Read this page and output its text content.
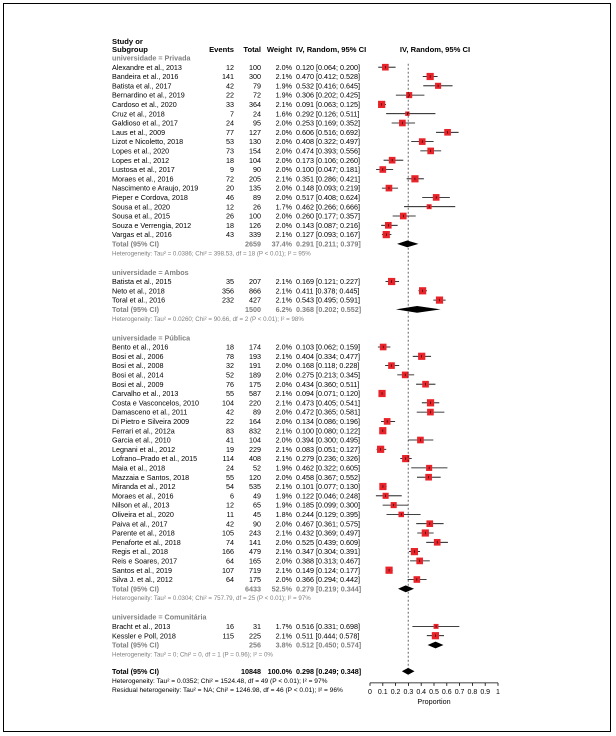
Study or
Subgroup	Events Total Weight IV, Random, 95% CI	IV, Random, 95% CI
universidade = Privada
Alexandre et al., 2013	12 100 2.0% 0.120 [0.064; 0.200]
Bandeira et al., 2016	141 300 2.1% 0.470 [0.412; 0.528]
Batista et al., 2017	42	79 1.9% 0.532 [0.416; 0.645]
Bernardino et al., 2019	22	72 1.9% 0.306 [0.202; 0.425]
Cardoso et al., 2020	33 364 2.1% 0.091 [0.063; 0.125]
Cruz et al., 2018	7	24 1.6% 0.292 [0.126; 0.511]
Galdioso et al., 2017	24	95 2.0% 0.253 [0.169; 0.352]
Laus et al., 2009	77 127 2.0% 0.606 [0.516; 0.692]
Lizot e Nicoletto, 2018	53 130 2.0% 0.408 [0.322; 0.497]
Lopes et al., 2020	73 154 2.0% 0.474 [0.393; 0.556]
Lopes et al., 2012	18 104 2.0% 0.173 [0.106; 0.260]
Lustosa et al., 2017	9	90 2.0% 0.100 [0.047; 0.181]
Moraes et al., 2016	72 205 2.1% 0.351 [0.286; 0.421]
Nascimento e Araujo, 2019	20 135 2.0% 0.148 [0.093; 0.219]
Pieper e Cordova, 2018	46	89 2.0% 0.517 [0.408; 0.624]
Sousa et al., 2020	12	26 1.7% 0.462 [0.266; 0.666]
Sousa et al., 2015	26 100 2.0% 0.260 [0.177; 0.357]
Souza e Verrengia, 2012	18 126 2.0% 0.143 [0.087; 0.216]
Vargas et al., 2016	43 339 2.1% 0.127 [0.093; 0.167]
Total (95% CI)	2659 37.4% 0.291 [0.211; 0.379]
Heterogeneity: Tau² = 0.0386; Chi² = 398.53, df = 18 (P < 0.01); I² = 95%
universidade = Ambos
Batista et al., 2015	35 207 2.1% 0.169 [0.121; 0.227]
Neto et al., 2018	356 866 2.1% 0.411 [0.378; 0.445]
Toral et al., 2016	232 427 2.1% 0.543 [0.495; 0.591]
Total (95% CI)	1500 6.2% 0.368 [0.202; 0.552]
Heterogeneity: Tau² = 0.0260; Chi² = 90.66, df = 2 (P < 0.01); I² = 98%
universidade = Pública
Bento et al., 2016	18 174 2.0% 0.103 [0.062; 0.159]
Bosi et al., 2006	78 193 2.1% 0.404 [0.334; 0.477]
Bosi et al., 2008	32 191 2.0% 0.168 [0.118; 0.228]
Bosi et al., 2014	52 189 2.0% 0.275 [0.213; 0.345]
Bosi et al., 2009	76 175 2.0% 0.434 [0.360; 0.511]
Carvalho et al., 2013	55 587 2.1% 0.094 [0.071; 0.120]
Costa e Vasconcelos, 2010	104 220 2.1% 0.473 [0.405; 0.541]
Damasceno et al., 2011	42	89 2.0% 0.472 [0.365; 0.581]
Di Pietro e Silveira 2009	22 164 2.0% 0.134 [0.086; 0.196]
Ferrari et al., 2012a	83 832 2.1% 0.100 [0.080; 0.122]
Garcia et al., 2010	41 104 2.0% 0.394 [0.300; 0.495]
Legnani et al., 2012	19 229 2.1% 0.083 [0.051; 0.127]
Lofrano–Prado et al., 2015	114 408 2.1% 0.279 [0.236; 0.326]
Maia et al., 2018	24	52 1.9% 0.462 [0.322; 0.605]
Mazzaia e Santos, 2018	55 120 2.0% 0.458 [0.367; 0.552]
Miranda et al., 2012	54 535 2.1% 0.101 [0.077; 0.130]
Moraes et al., 2016	6	49 1.9% 0.122 [0.046; 0.248]
Nilson et al., 2013	12	65 1.9% 0.185 [0.099; 0.300]
Oliveira et al., 2020	11	45 1.8% 0.244 [0.129; 0.395]
Paiva et al., 2017	42	90 2.0% 0.467 [0.361; 0.575]
Parente et al., 2018	105 243 2.1% 0.432 [0.369; 0.497]
Penaforte et al., 2018	74 141 2.0% 0.525 [0.439; 0.609]
Regis et al., 2018	166 479 2.1% 0.347 [0.304; 0.391]
Reis e Soares, 2017	64 165 2.0% 0.388 [0.313; 0.467]
Santos et al., 2019	107 719 2.1% 0.149 [0.124; 0.177]
Silva J. et al., 2012	64 175 2.0% 0.366 [0.294; 0.442]
Total (95% CI)	6433 52.5% 0.279 [0.219; 0.344]
Heterogeneity: Tau² = 0.0304; Chi² = 757.79, df = 25 (P < 0.01); I² = 97%
universidade = Comunitária
Bracht et al., 2013	16	31 1.7% 0.516 [0.331; 0.698]
Kessler e Poll, 2018	115 225 2.1% 0.511 [0.444; 0.578]
Total (95% CI)	256 3.8% 0.512 [0.450; 0.574]
Heterogeneity: Tau² = 0; Chi² = 0, df = 1 (P = 0.96); I² = 0%
Total (95% CI)	10848 100.0% 0.298 [0.249; 0.348]
Heterogeneity: Tau² = 0.0352; Chi² = 1524.48, df = 49 (P < 0.01); I² = 97%
Residual heterogeneity: Tau² = NA; Chi² = 1246.98, df = 46 (P < 0.01); I² = 96%	0 0.1 0.2 0.3 0.4 0.5 0.6 0.7 0.8 0.9 1
Proportion
